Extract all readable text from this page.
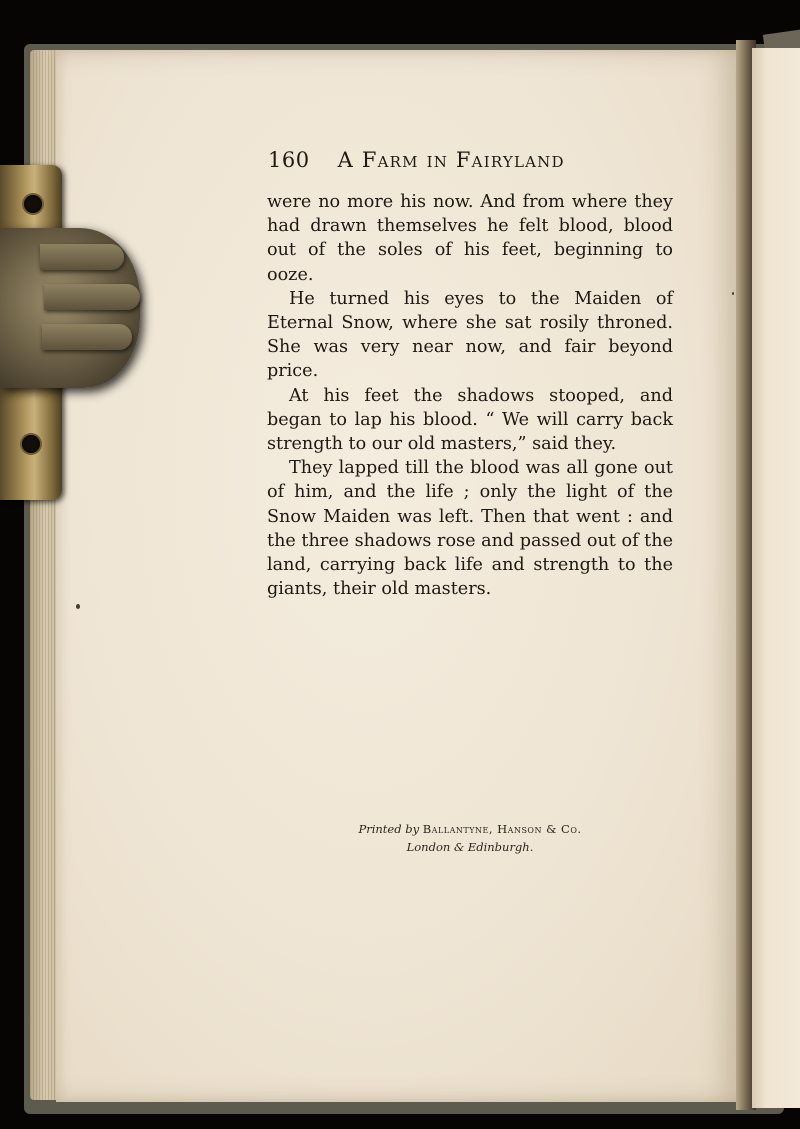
160 A Farm in Fairyland

were no more his now. And from where they had drawn themselves he felt blood, blood out of the soles of his feet, beginning to ooze.

He turned his eyes to the Maiden of Eternal Snow, where she sat rosily throned. She was very near now, and fair beyond price.

At his feet the shadows stooped, and began to lap his blood. “ We will carry back strength to our old masters,” said they.

They lapped till the blood was all gone out of him, and the life ; only the light of the Snow Maiden was left. Then that went : and the three shadows rose and passed out of the land, carrying back life and strength to the giants, their old masters.

Printed by Ballantyne, Hanson & Co.
London & Edinburgh.
